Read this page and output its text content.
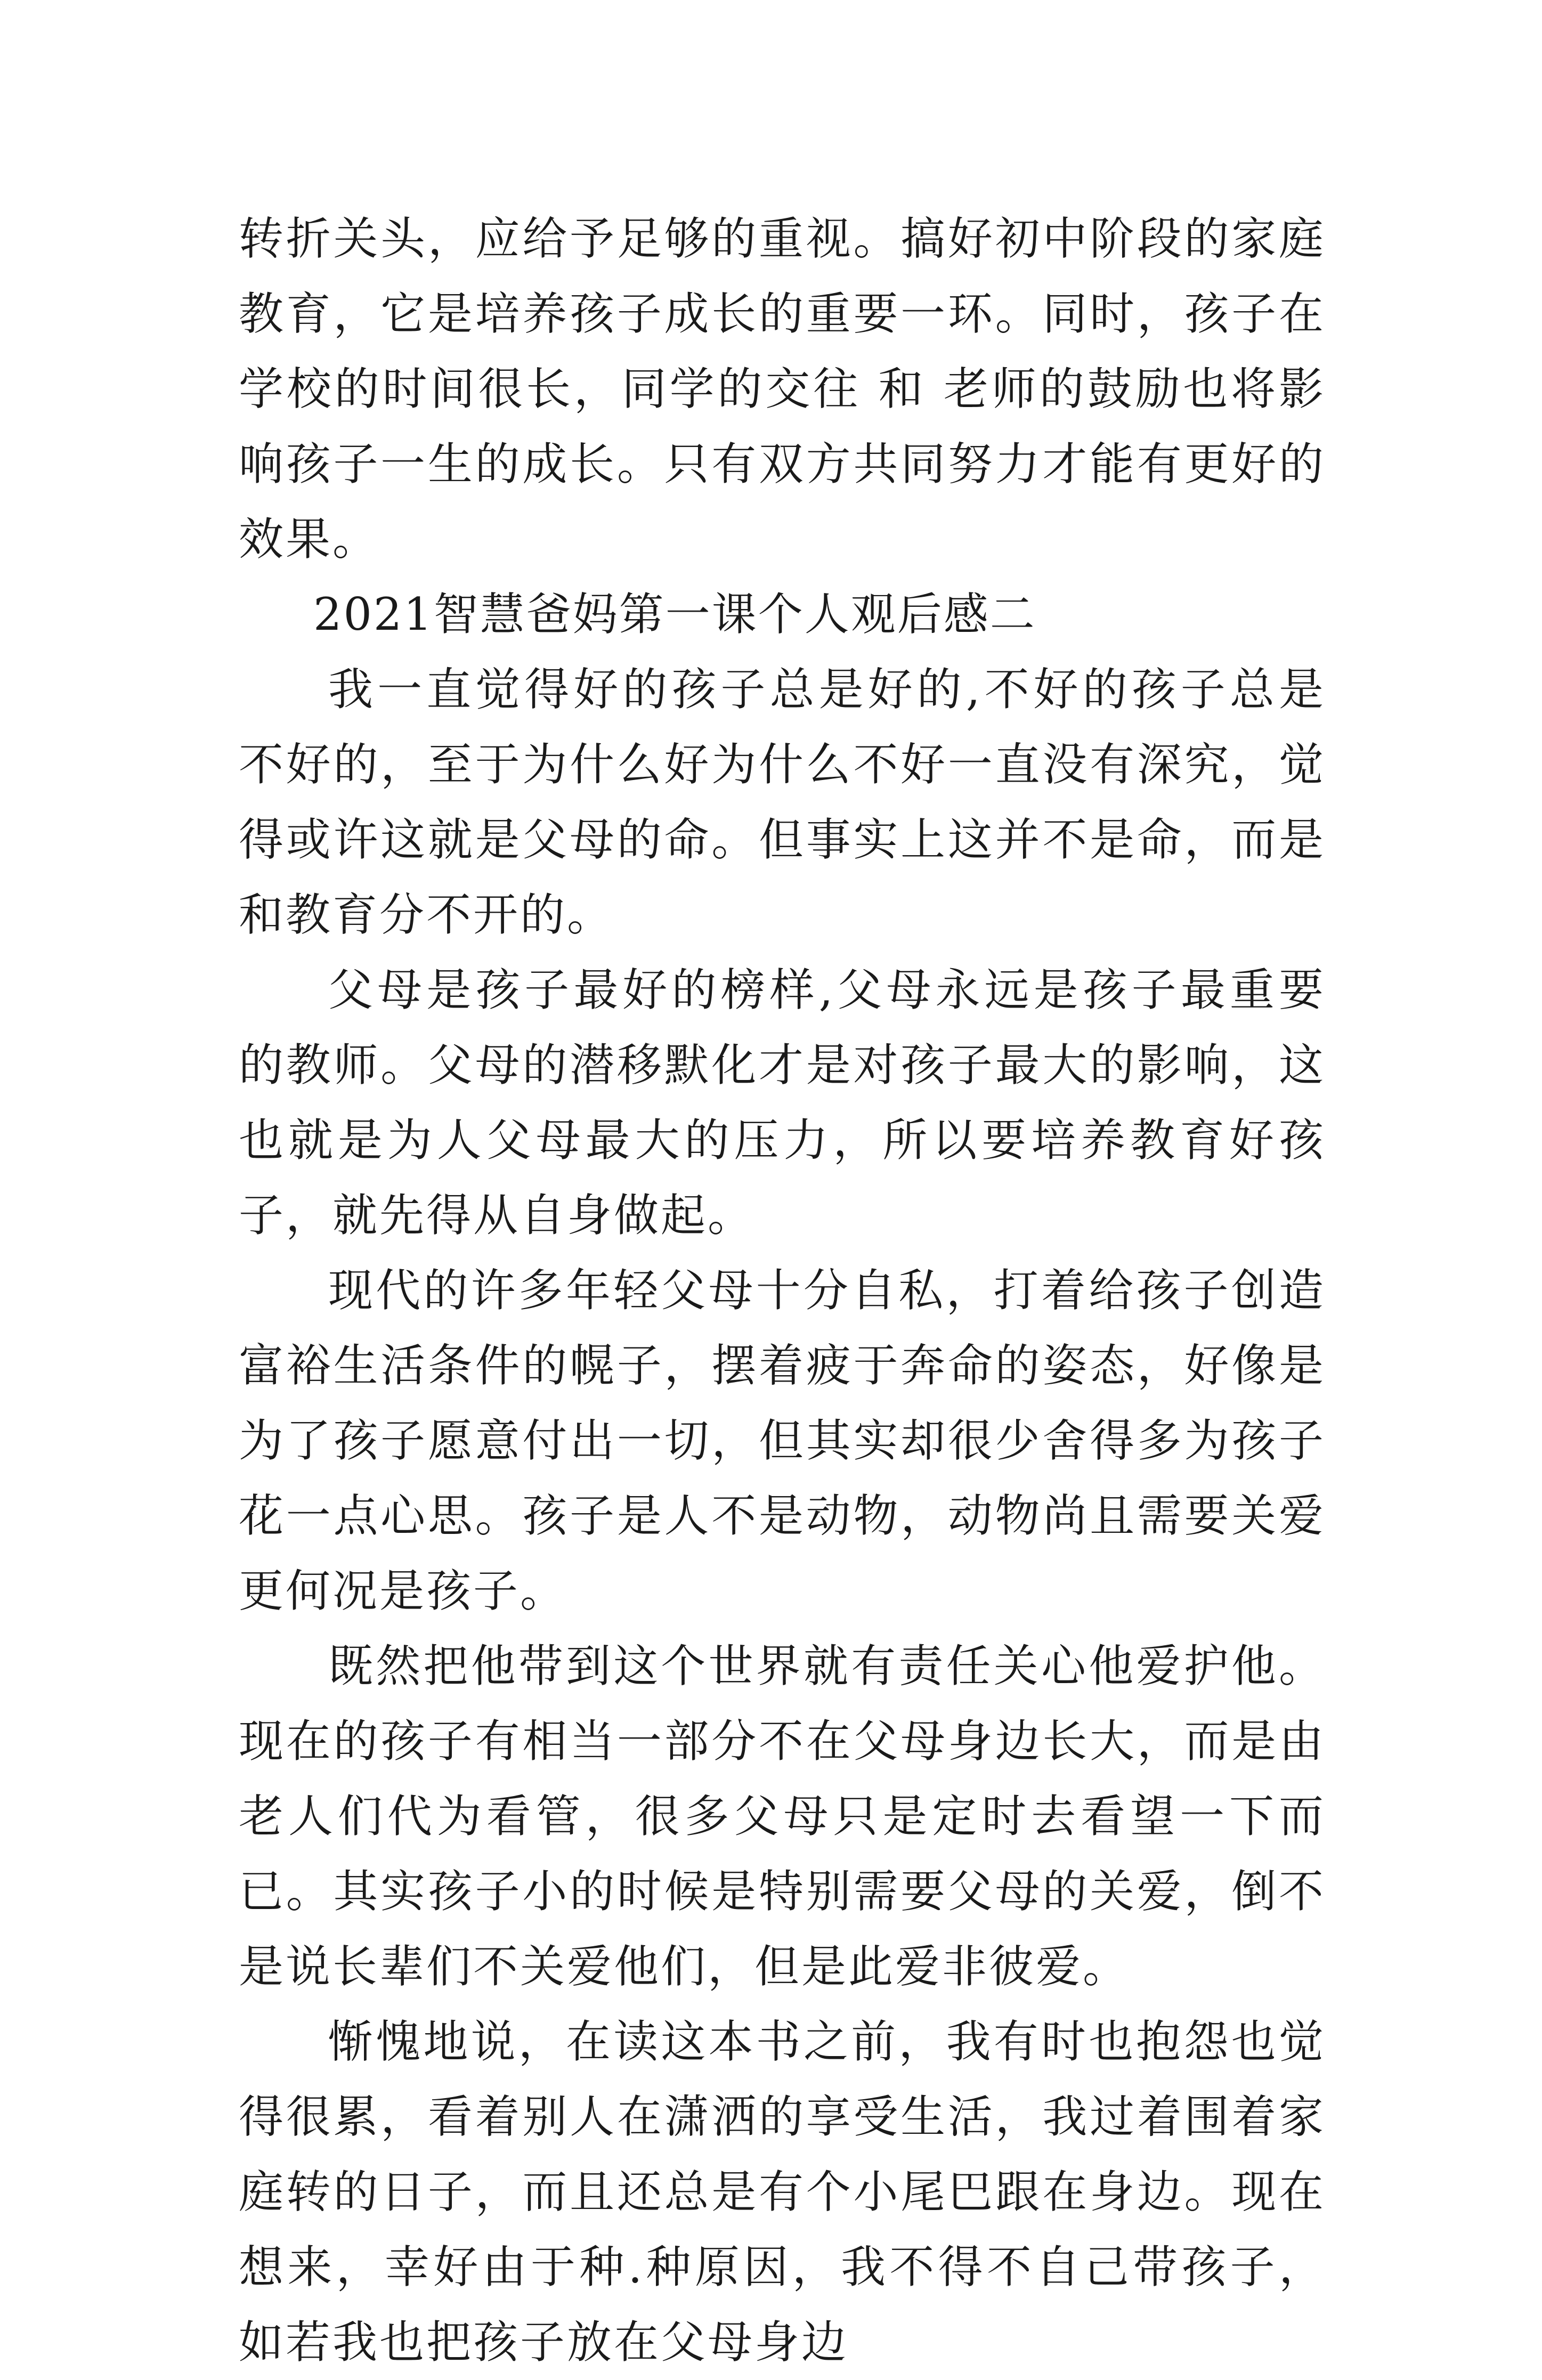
转折关头，应给予足够的重视。搞好初中阶段的家庭教育，它是培养孩子成长的重要一环。同时，孩子在学校的时间很长，同学的交往 和 老师的鼓励也将影响孩子一生的成长。只有双方共同努力才能有更好的效果。

2021智慧爸妈第一课个人观后感二

我一直觉得好的孩子总是好的,不好的孩子总是不好的，至于为什么好为什么不好一直没有深究，觉得或许这就是父母的命。但事实上这并不是命，而是和教育分不开的。

父母是孩子最好的榜样,父母永远是孩子最重要的教师。父母的潜移默化才是对孩子最大的影响，这也就是为人父母最大的压力，所以要培养教育好孩子，就先得从自身做起。

现代的许多年轻父母十分自私，打着给孩子创造富裕生活条件的幌子，摆着疲于奔命的姿态，好像是为了孩子愿意付出一切，但其实却很少舍得多为孩子花一点心思。孩子是人不是动物，动物尚且需要关爱更何况是孩子。

既然把他带到这个世界就有责任关心他爱护他。现在的孩子有相当一部分不在父母身边长大，而是由老人们代为看管，很多父母只是定时去看望一下而已。其实孩子小的时候是特别需要父母的关爱，倒不是说长辈们不关爱他们，但是此爱非彼爱。

惭愧地说，在读这本书之前，我有时也抱怨也觉得很累，看着别人在潇洒的享受生活，我过着围着家庭转的日子，而且还总是有个小尾巴跟在身边。现在想来，幸好由于种.种原因，我不得不自己带孩子，如若我也把孩子放在父母身边
